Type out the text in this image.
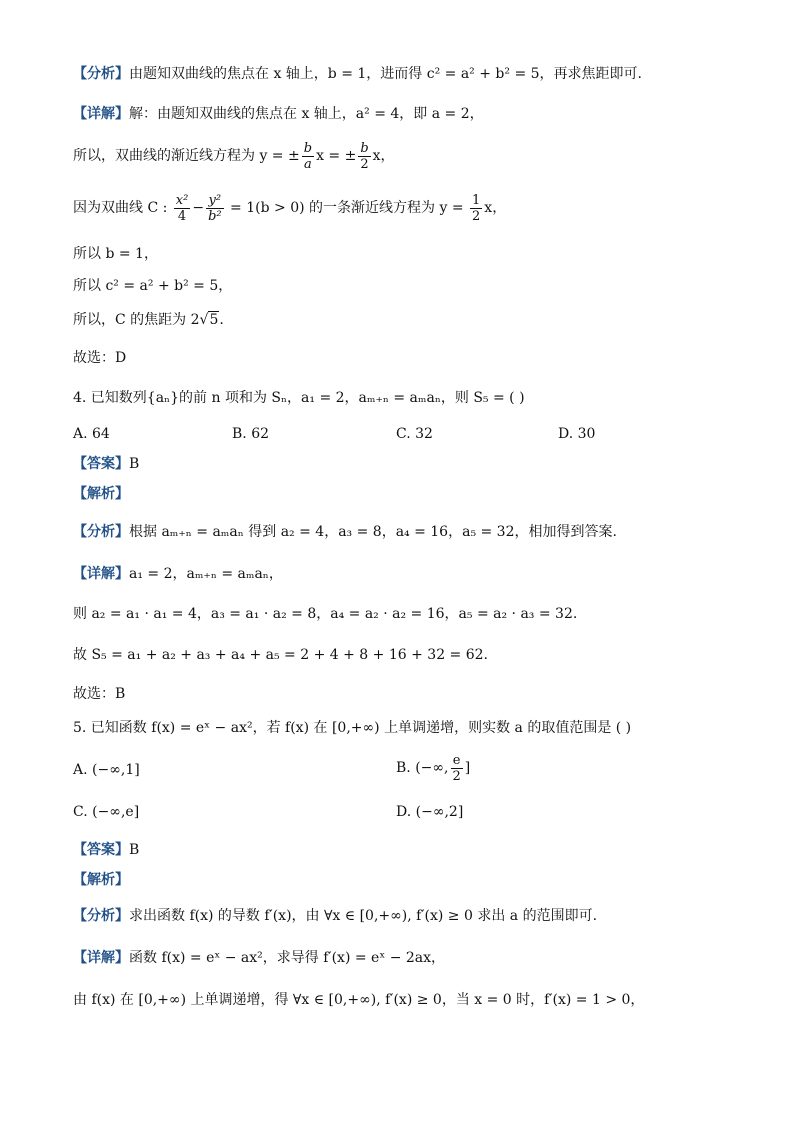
【分析】由题知双曲线的焦点在 x 轴上，b = 1，进而得 c² = a² + b² = 5，再求焦距即可.
【详解】解：由题知双曲线的焦点在 x 轴上，a² = 4，即 a = 2，
所以，双曲线的渐近线方程为 y = ± $\frac{b}{a}$ x = ± $\frac{b}{2}$ x，
因为双曲线 C : $\frac{\text{x²}}{4} - \frac{\text{y²}}{\text{b²}} = 1(b > 0)$ 的一条渐近线方程为 $y = \frac{1}{2}$ x，
所以 b = 1，
所以 c² = a² + b² = 5，
所以，C 的焦距为 2√5.
故选：D
4. 已知数列{aₙ}的前 n 项和为 Sₙ，a₁ = 2，aₘ₊ₙ = aₘaₙ，则 S₅ = ( )
A. 64	B. 62	C. 32	D. 30
【答案】B
【解析】
【分析】根据 aₘ₊ₙ = aₘaₙ 得到 a₂ = 4，a₃ = 8，a₄ = 16，a₅ = 32，相加得到答案.
【详解】a₁ = 2，aₘ₊ₙ = aₘaₙ，
则 a₂ = a₁ · a₁ = 4，a₃ = a₁ · a₂ = 8，a₄ = a₂ · a₂ = 16，a₅ = a₂ · a₃ = 32.
故 S₅ = a₁ + a₂ + a₃ + a₄ + a₅ = 2 + 4 + 8 + 16 + 32 = 62.
故选：B
5. 已知函数 f(x) = eˣ − ax²，若 f(x) 在 [0,+∞) 上单调递增，则实数 a 的取值范围是 ( )
A. (−∞,1]	B. (−∞, $\frac{e}{2}$ ]
C. (−∞,e]	D. (−∞,2]
【答案】B
【解析】
【分析】求出函数 f(x) 的导数 f′(x)，由 ∀x ∈ [0,+∞), f′(x) ≥ 0 求出 a 的范围即可.
【详解】函数 f(x) = eˣ − ax²，求导得 f′(x) = eˣ − 2ax，
由 f(x) 在 [0,+∞) 上单调递增，得 ∀x ∈ [0,+∞), f′(x) ≥ 0，当 x = 0 时，f′(x) = 1 > 0，
